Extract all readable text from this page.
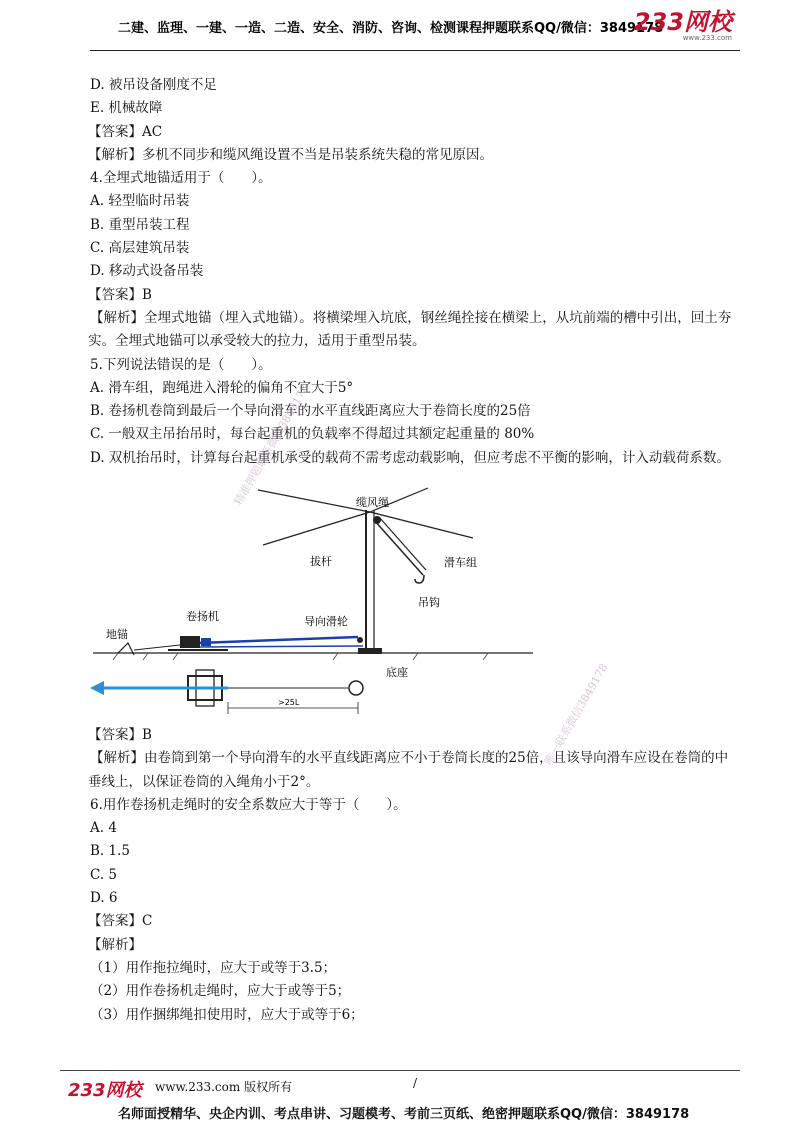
二建、监理、一建、一造、二造、安全、消防、咨询、检测课程押题联系QQ/微信：3849178
233网校
www.233.com
D. 被吊设备刚度不足
E. 机械故障
【答案】AC
【解析】多机不同步和缆风绳设置不当是吊装系统失稳的常见原因。
4.全埋式地锚适用于（　　）。
A. 轻型临时吊装
B. 重型吊装工程
C. 高层建筑吊装
D. 移动式设备吊装
【答案】B
【解析】全埋式地锚（埋入式地锚）。将横梁埋入坑底，钢丝绳拴接在横梁上，从坑前端的槽中引出，回土夯实。全埋式地锚可以承受较大的拉力，适用于重型吊装。
5.下列说法错误的是（　　）。
A. 滑车组，跑绳进入滑轮的偏角不宜大于5°
B. 卷扬机卷筒到最后一个导向滑车的水平直线距离应大于卷筒长度的25倍
C. 一般双主吊抬吊时，每台起重机的负载率不得超过其额定起重量的 80%
D. 双机抬吊时，计算每台起重机承受的载荷不需考虑动载影响，但应考虑不平衡的影响，计入动载荷系数。
缆风绳
拔杆	滑车组
吊钩
卷扬机	导向滑轮
地锚
底座
>25L
【答案】B
【解析】由卷筒到第一个导向滑车的水平直线距离应不小于卷筒长度的25倍，且该导向滑车应设在卷筒的中垂线上，以保证卷筒的入绳角小于2°。
6.用作卷扬机走绳时的安全系数应大于等于（　　）。
A. 4
B. 1.5
C. 5
D. 6
【答案】C
【解析】
（1）用作拖拉绳时，应大于或等于3.5；
（2）用作卷扬机走绳时，应大于或等于5；
（3）用作捆绑绳扣使用时，应大于或等于6；
精准押题联系微信3849178
唯一联系微信3849178
233网校 www.233.com 版权所有	/
名师面授精华、央企内训、考点串讲、习题模考、考前三页纸、绝密押题联系QQ/微信：3849178
